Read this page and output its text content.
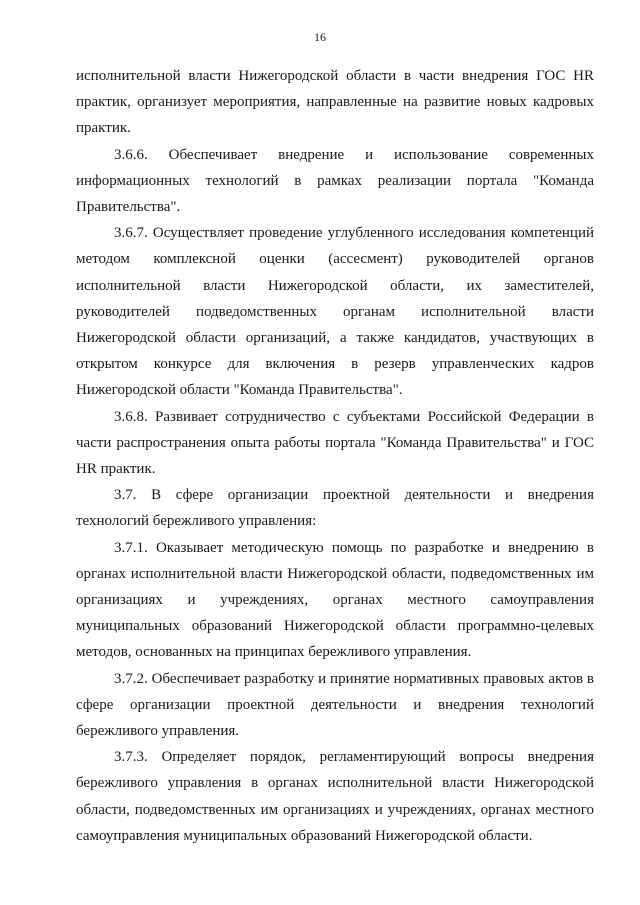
16

исполнительной власти Нижегородской области в части внедрения ГОС HR практик, организует мероприятия, направленные на развитие новых кадровых практик.

3.6.6. Обеспечивает внедрение и использование современных информационных технологий в рамках реализации портала "Команда Правительства".

3.6.7. Осуществляет проведение углубленного исследования компетенций методом комплексной оценки (ассесмент) руководителей органов исполнительной власти Нижегородской области, их заместителей, руководителей подведомственных органам исполнительной власти Нижегородской области организаций, а также кандидатов, участвующих в открытом конкурсе для включения в резерв управленческих кадров Нижегородской области "Команда Правительства".

3.6.8. Развивает сотрудничество с субъектами Российской Федерации в части распространения опыта работы портала "Команда Правительства" и ГОС HR практик.

3.7. В сфере организации проектной деятельности и внедрения технологий бережливого управления:

3.7.1. Оказывает методическую помощь по разработке и внедрению в органах исполнительной власти Нижегородской области, подведомственных им организациях и учреждениях, органах местного самоуправления муниципальных образований Нижегородской области программно-целевых методов, основанных на принципах бережливого управления.

3.7.2. Обеспечивает разработку и принятие нормативных правовых актов в сфере организации проектной деятельности и внедрения технологий бережливого управления.

3.7.3. Определяет порядок, регламентирующий вопросы внедрения бережливого управления в органах исполнительной власти Нижегородской области, подведомственных им организациях и учреждениях, органах местного самоуправления муниципальных образований Нижегородской области.
